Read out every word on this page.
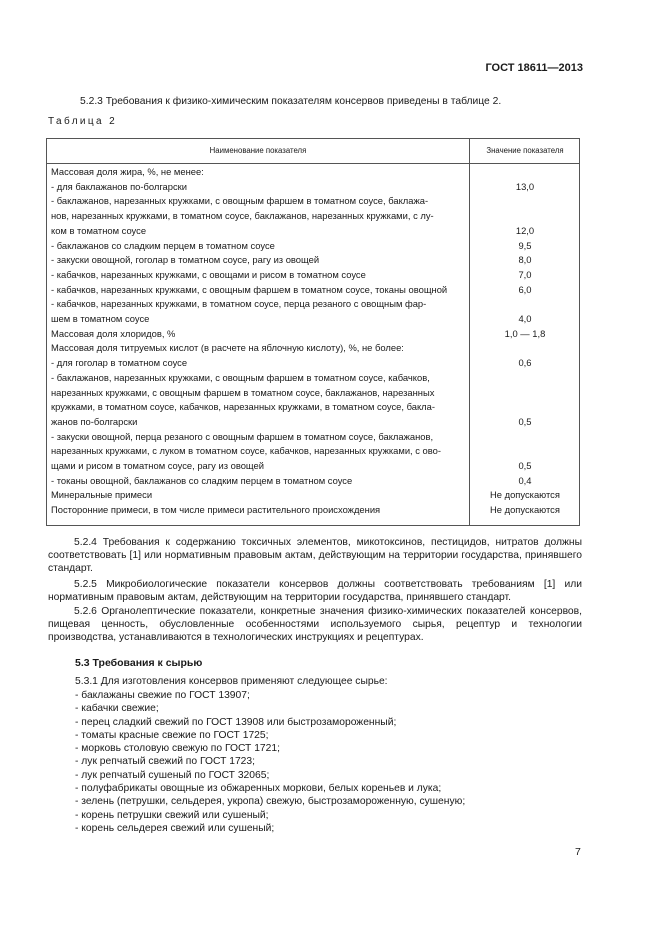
ГОСТ 18611—2013
5.2.3 Требования к физико-химическим показателям консервов приведены в таблице 2.
Таблица 2
Наименование показателя	Значение показателя
Массовая доля жира, %, не менее:
- для баклажанов по-болгарски	13,0
- баклажанов, нарезанных кружками, с овощным фаршем в томатном соусе, баклажа-
нов, нарезанных кружками, в томатном соусе, баклажанов, нарезанных кружками, с лу-
ком в томатном соусе	12,0
- баклажанов со сладким перцем в томатном соусе	9,5
- закуски овощной, гоголар в томатном соусе, рагу из овощей	8,0
- кабачков, нарезанных кружками, с овощами и рисом в томатном соусе	7,0
- кабачков, нарезанных кружками, с овощным фаршем в томатном соусе, токаны овощной	6,0
- кабачков, нарезанных кружками, в томатном соусе, перца резаного с овощным фар-
шем в томатном соусе	4,0
Массовая доля хлоридов, %	1,0 — 1,8
Массовая доля титруемых кислот (в расчете на яблочную кислоту), %, не более:
- для гоголар в томатном соусе	0,6
- баклажанов, нарезанных кружками, с овощным фаршем в томатном соусе, кабачков,
нарезанных кружками, с овощным фаршем в томатном соусе, баклажанов, нарезанных
кружками, в томатном соусе, кабачков, нарезанных кружками, в томатном соусе, баклa-
жанов по-болгарски	0,5
- закуски овощной, перца резаного с овощным фаршем в томатном соусе, баклажанов,
нарезанных кружками, с луком в томатном соусе, кабачков, нарезанных кружками, с ово-
щами и рисом в томатном соусе, рагу из овощей	0,5
- токаны овощной, баклажанов со сладким перцем в томатном соусе	0,4
Минеральные примеси	Не допускаются
Посторонние примеси, в том числе примеси растительного происхождения	Не допускаются
5.2.4 Требования к содержанию токсичных элементов, микотоксинов, пестицидов, нитратов должны соответствовать [1] или нормативным правовым актам, действующим на территории государства, принявшего стандарт.
5.2.5 Микробиологические показатели консервов должны соответствовать требованиям [1] или нормативным правовым актам, действующим на территории государства, принявшего стандарт.
5.2.6 Органолептические показатели, конкретные значения физико-химических показателей консервов, пищевая ценность, обусловленные особенностями используемого сырья, рецептур и технологии производства, устанавливаются в технологических инструкциях и рецептурах.
5.3 Требования к сырью
5.3.1 Для изготовления консервов применяют следующее сырье:
- баклажаны свежие по ГОСТ 13907;
- кабачки свежие;
- перец сладкий свежий по ГОСТ 13908 или быстрозамороженный;
- томаты красные свежие по ГОСТ 1725;
- морковь столовую свежую по ГОСТ 1721;
- лук репчатый свежий по ГОСТ 1723;
- лук репчатый сушеный по ГОСТ 32065;
- полуфабрикаты овощные из обжаренных моркови, белых кореньев и лука;
- зелень (петрушки, сельдерея, укропа) свежую, быстрозамороженную, сушеную;
- корень петрушки свежий или сушеный;
- корень сельдерея свежий или сушеный;
7
